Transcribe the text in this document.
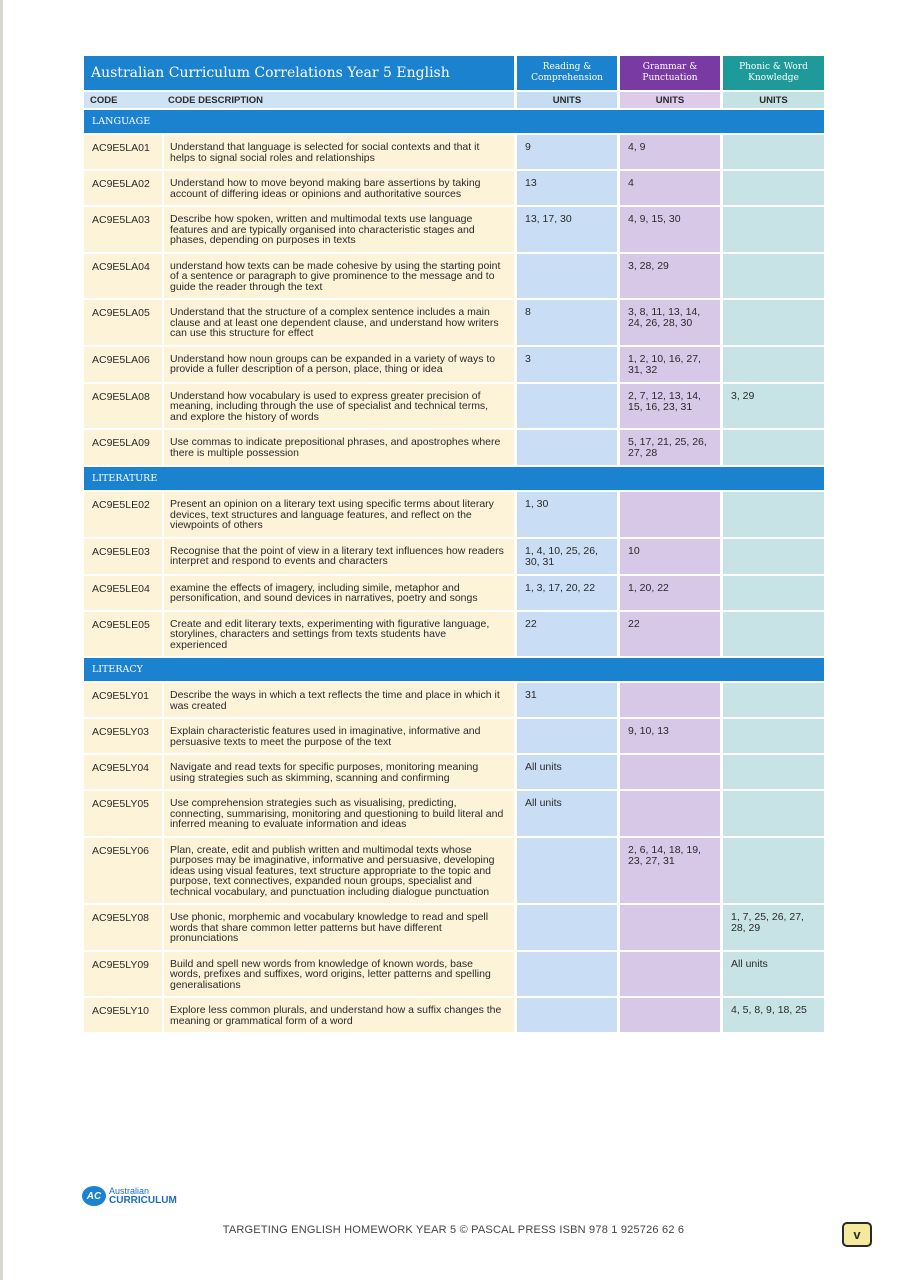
Australian Curriculum Correlations Year 5 English		Reading & Comprehension	Grammar & Punctuation	Phonic & Word Knowledge
CODE	CODE DESCRIPTION	UNITS	UNITS	UNITS
LANGUAGE				
AC9E5LA01	Understand that language is selected for social contexts and that it helps to signal social roles and relationships	9	4, 9	
AC9E5LA02	Understand how to move beyond making bare assertions by taking account of differing ideas or opinions and authoritative sources	13	4	
AC9E5LA03	Describe how spoken, written and multimodal texts use language features and are typically organised into characteristic stages and phases, depending on purposes in texts	13, 17, 30	4, 9, 15, 30	
AC9E5LA04	understand how texts can be made cohesive by using the starting point of a sentence or paragraph to give prominence to the message and to guide the reader through the text		3, 28, 29	
AC9E5LA05	Understand that the structure of a complex sentence includes a main clause and at least one dependent clause, and understand how writers can use this structure for effect	8	3, 8, 11, 13, 14, 24, 26, 28, 30	
AC9E5LA06	Understand how noun groups can be expanded in a variety of ways to provide a fuller description of a person, place, thing or idea	3	1, 2, 10, 16, 27, 31, 32	
AC9E5LA08	Understand how vocabulary is used to express greater precision of meaning, including through the use of specialist and technical terms, and explore the history of words		2, 7, 12, 13, 14, 15, 16, 23, 31	3, 29
AC9E5LA09	Use commas to indicate prepositional phrases, and apostrophes where there is multiple possession		5, 17, 21, 25, 26, 27, 28	
LITERATURE				
AC9E5LE02	Present an opinion on a literary text using specific terms about literary devices, text structures and language features, and reflect on the viewpoints of others	1, 30		
AC9E5LE03	Recognise that the point of view in a literary text influences how readers interpret and respond to events and characters	1, 4, 10, 25, 26, 30, 31	10	
AC9E5LE04	examine the effects of imagery, including simile, metaphor and personification, and sound devices in narratives, poetry and songs	1, 3, 17, 20, 22	1, 20, 22	
AC9E5LE05	Create and edit literary texts, experimenting with figurative language, storylines, characters and settings from texts students have experienced	22	22	
LITERACY				
AC9E5LY01	Describe the ways in which a text reflects the time and place in which it was created	31		
AC9E5LY03	Explain characteristic features used in imaginative, informative and persuasive texts to meet the purpose of the text		9, 10, 13	
AC9E5LY04	Navigate and read texts for specific purposes, monitoring meaning using strategies such as skimming, scanning and confirming	All units		
AC9E5LY05	Use comprehension strategies such as visualising, predicting, connecting, summarising, monitoring and questioning to build literal and inferred meaning to evaluate information and ideas	All units		
AC9E5LY06	Plan, create, edit and publish written and multimodal texts whose purposes may be imaginative, informative and persuasive, developing ideas using visual features, text structure appropriate to the topic and purpose, text connectives, expanded noun groups, specialist and technical vocabulary, and punctuation including dialogue punctuation		2, 6, 14, 18, 19, 23, 27, 31	
AC9E5LY08	Use phonic, morphemic and vocabulary knowledge to read and spell words that share common letter patterns but have different pronunciations			1, 7, 25, 26, 27, 28, 29
AC9E5LY09	Build and spell new words from knowledge of known words, base words, prefixes and suffixes, word origins, letter patterns and spelling generalisations			All units
AC9E5LY10	Explore less common plurals, and understand how a suffix changes the meaning or grammatical form of a word			4, 5, 8, 9, 18, 25
AC Australian
CURRICULUM
TARGETING ENGLISH HOMEWORK YEAR 5 © PASCAL PRESS ISBN 978 1 925726 62 6	v
